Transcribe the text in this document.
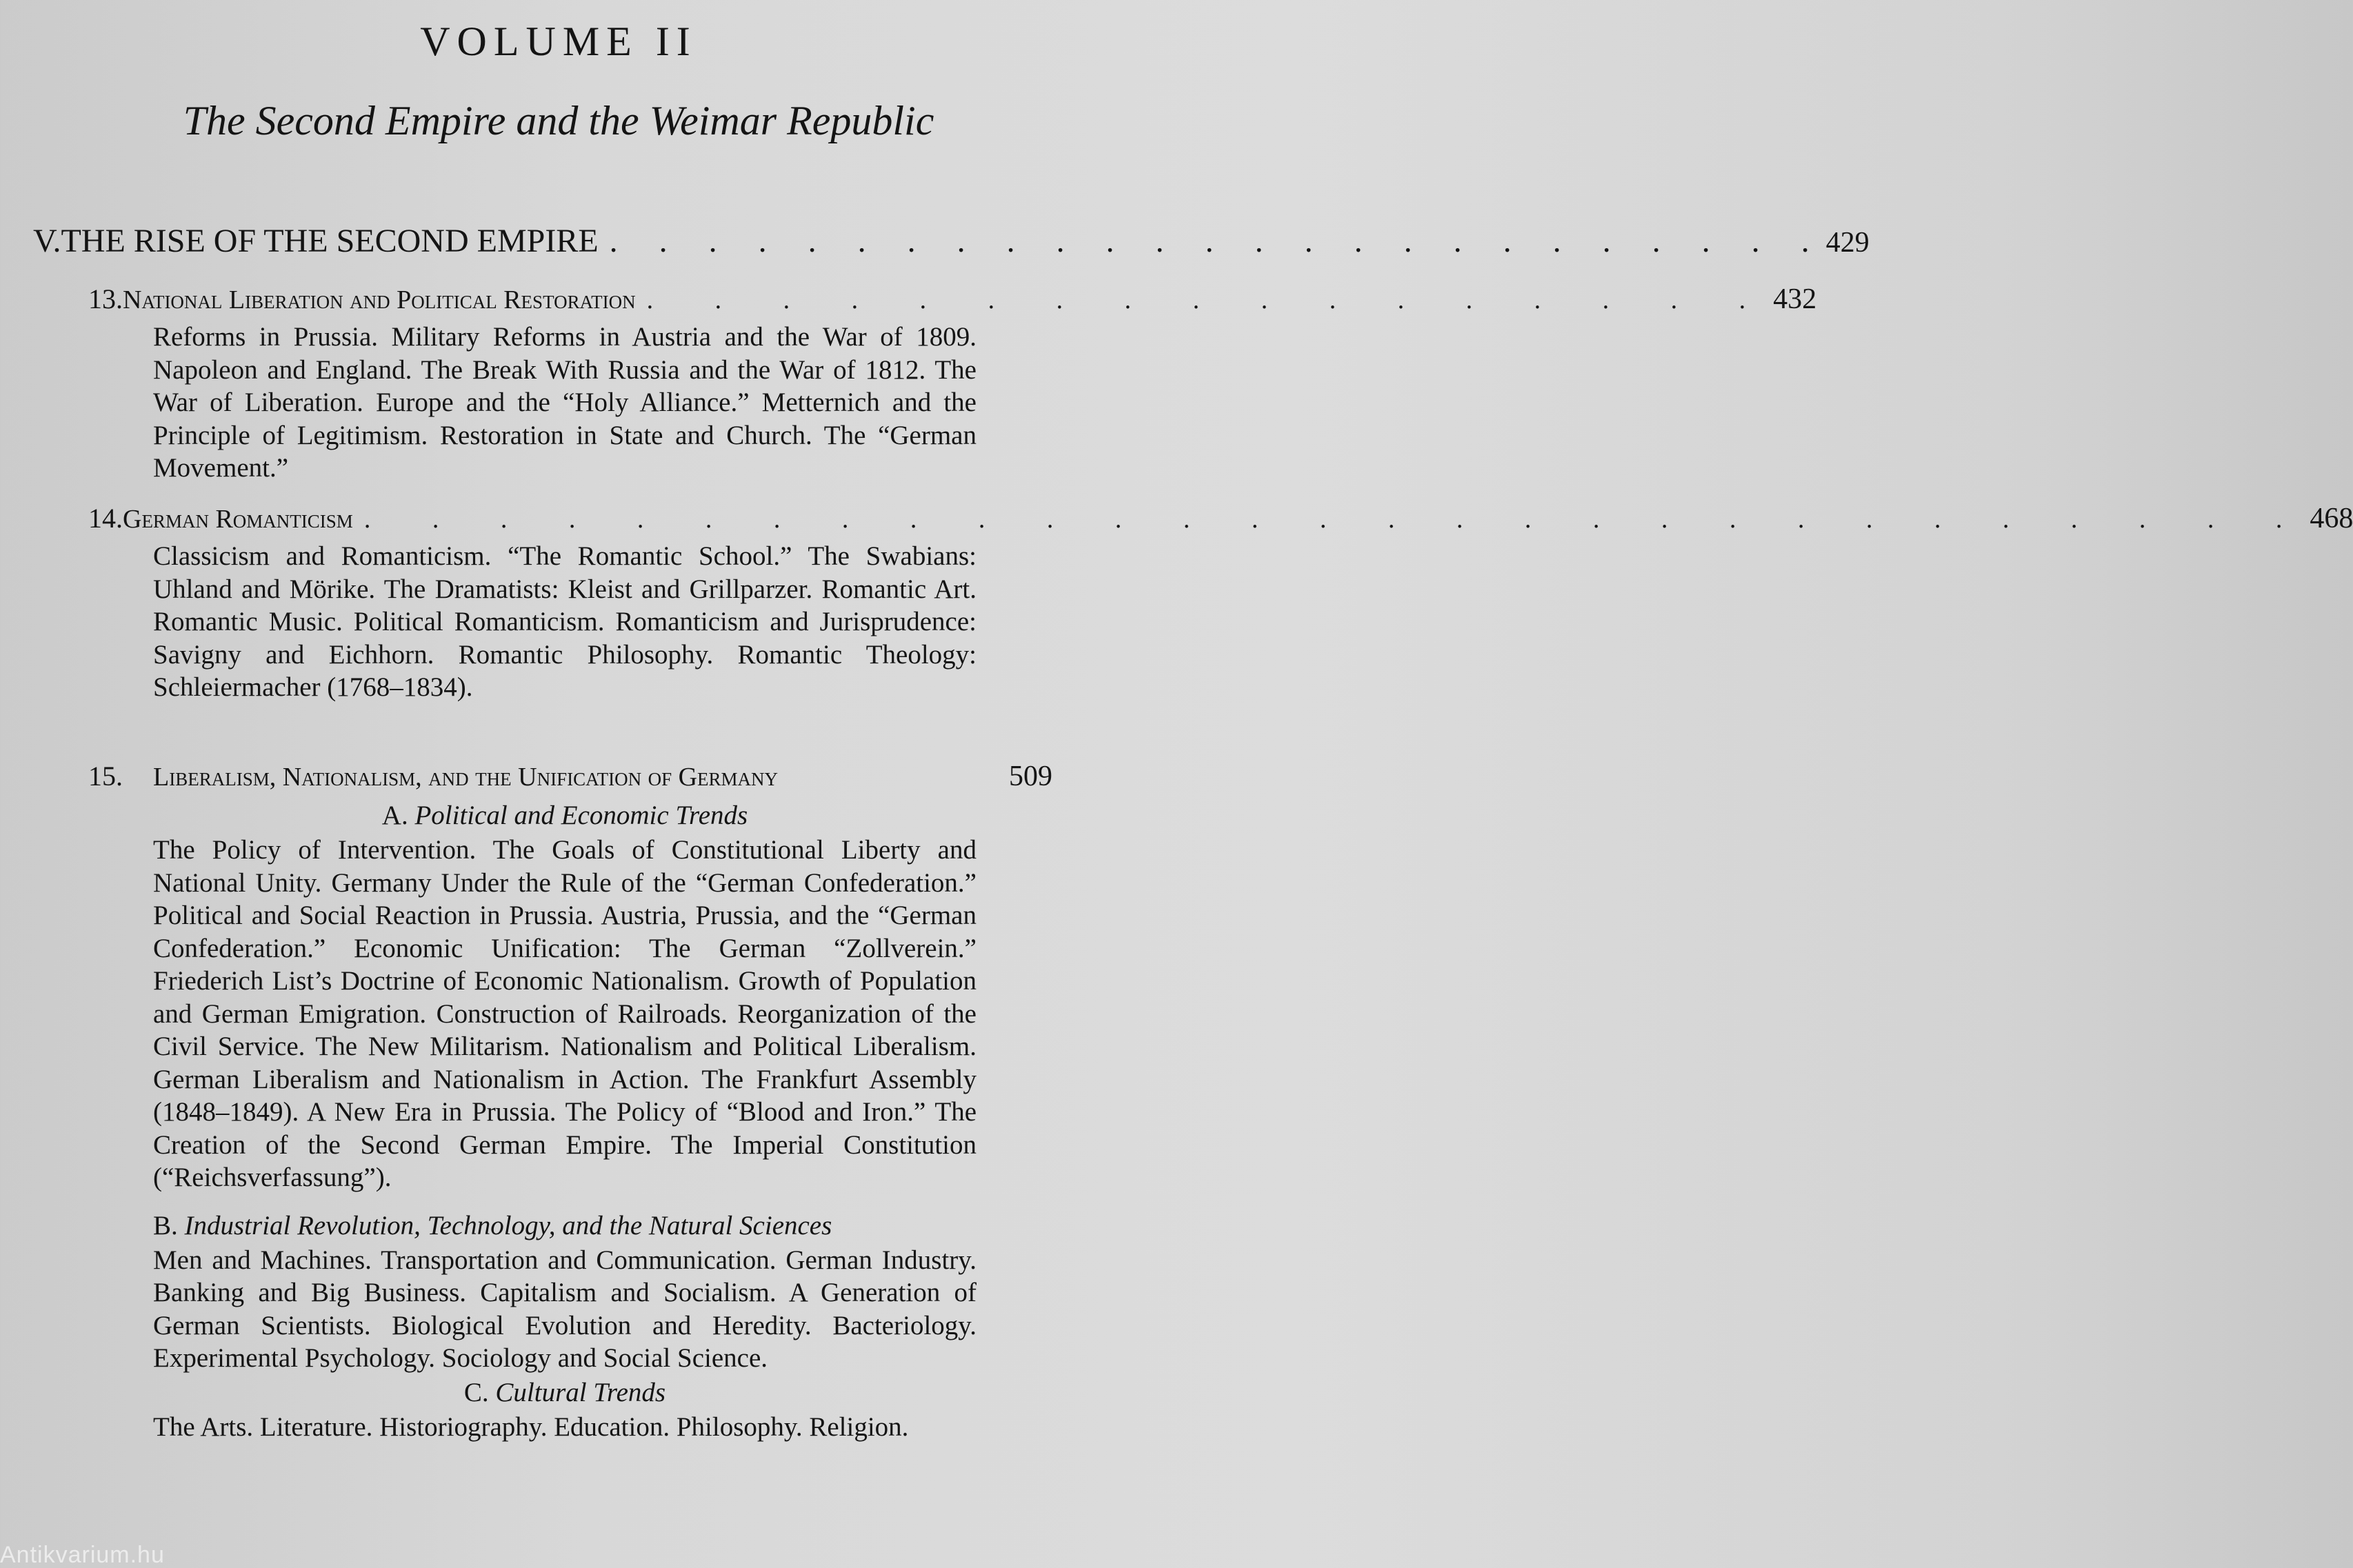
VOLUME II
The Second Empire and the Weimar Republic
V. THE RISE OF THE SECOND EMPIRE . . . . . . . . . . . . . . . . . . . . . . . . . 429
13. National Liberation and Political Restoration . . . . . . . . . . . . . . . . . 432
Reforms in Prussia. Military Reforms in Austria and the War of 1809. Napoleon and England. The Break With Russia and the War of 1812. The War of Liberation. Europe and the “Holy Alliance.” Metternich and the Principle of Legitimism. Restoration in State and Church. The “German Movement.”
14. German Romanticism . . . . . . . . . . . . . . . . . . . . . . . . . . . . . 468
Classicism and Romanticism. “The Romantic School.” The Swabians: Uhland and Mörike. The Dramatists: Kleist and Grillparzer. Romantic Art. Romantic Music. Political Romanticism. Romanticism and Jurisprudence: Savigny and Eichhorn. Romantic Philosophy. Romantic Theology: Schleiermacher (1768–1834).
15.	Liberalism, Nationalism, and the Unification of Germany	509
A. Political and Economic Trends
The Policy of Intervention. The Goals of Constitutional Liberty and National Unity. Germany Under the Rule of the “German Confederation.” Political and Social Reaction in Prussia. Austria, Prussia, and the “German Confederation.” Economic Unification: The German “Zollverein.” Friederich List’s Doctrine of Economic Nationalism. Growth of Population and German Emigration. Construction of Railroads. Reorganization of the Civil Service. The New Militarism. Nationalism and Political Liberalism. German Liberalism and Nationalism in Action. The Frankfurt Assembly (1848–1849). A New Era in Prussia. The Policy of “Blood and Iron.” The Creation of the Second German Empire. The Imperial Constitution (“Reichsverfassung”).
B. Industrial Revolution, Technology, and the Natural Sciences
Men and Machines. Transportation and Communication. German Industry. Banking and Big Business. Capitalism and Socialism. A Generation of German Scientists. Biological Evolution and Heredity. Bacteriology. Experimental Psychology. Sociology and Social Science.
C. Cultural Trends
The Arts. Literature. Historiography. Education. Philosophy. Religion.
Antikvarium.hu
